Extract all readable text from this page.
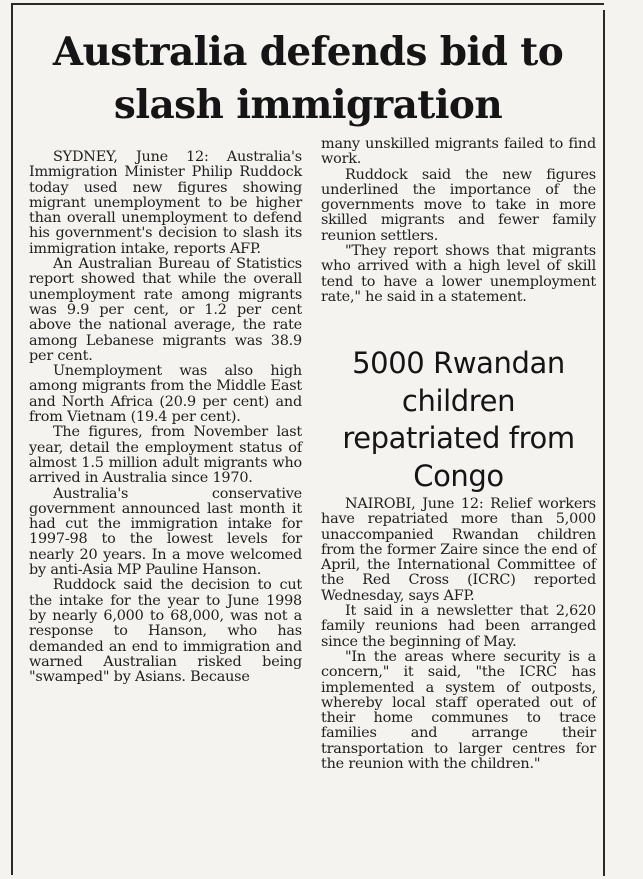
Australia defends bid to slash immigration

SYDNEY, June 12: Australia's Immigration Minister Philip Ruddock today used new figures showing migrant unemployment to be higher than overall unemployment to defend his government's decision to slash its immigration intake, reports AFP.

An Australian Bureau of Statistics report showed that while the overall unemployment rate among migrants was 9.9 per cent, or 1.2 per cent above the national average, the rate among Lebanese migrants was 38.9 per cent.

Unemployment was also high among migrants from the Middle East and North Africa (20.9 per cent) and from Vietnam (19.4 per cent).

The figures, from November last year, detail the employment status of almost 1.5 million adult migrants who arrived in Australia since 1970.

Australia's conservative government announced last month it had cut the immigration intake for 1997-98 to the lowest levels for nearly 20 years. In a move welcomed by anti-Asia MP Pauline Hanson.

Ruddock said the decision to cut the intake for the year to June 1998 by nearly 6,000 to 68,000, was not a response to Hanson, who has demanded an end to immigration and warned Australian risked being "swamped" by Asians. Because

many unskilled migrants failed to find work.

Ruddock said the new figures underlined the importance of the governments move to take in more skilled migrants and fewer family reunion settlers.

"They report shows that migrants who arrived with a high level of skill tend to have a lower unemployment rate," he said in a statement.

5000 Rwandan children repatriated from Congo

NAIROBI, June 12: Relief workers have repatriated more than 5,000 unaccompanied Rwandan children from the former Zaire since the end of April, the International Committee of the Red Cross (ICRC) reported Wednesday, says AFP.

It said in a newsletter that 2,620 family reunions had been arranged since the beginning of May.

"In the areas where security is a concern," it said, "the ICRC has implemented a system of outposts, whereby local staff operated out of their home communes to trace families and arrange their transportation to larger centres for the reunion with the children."
